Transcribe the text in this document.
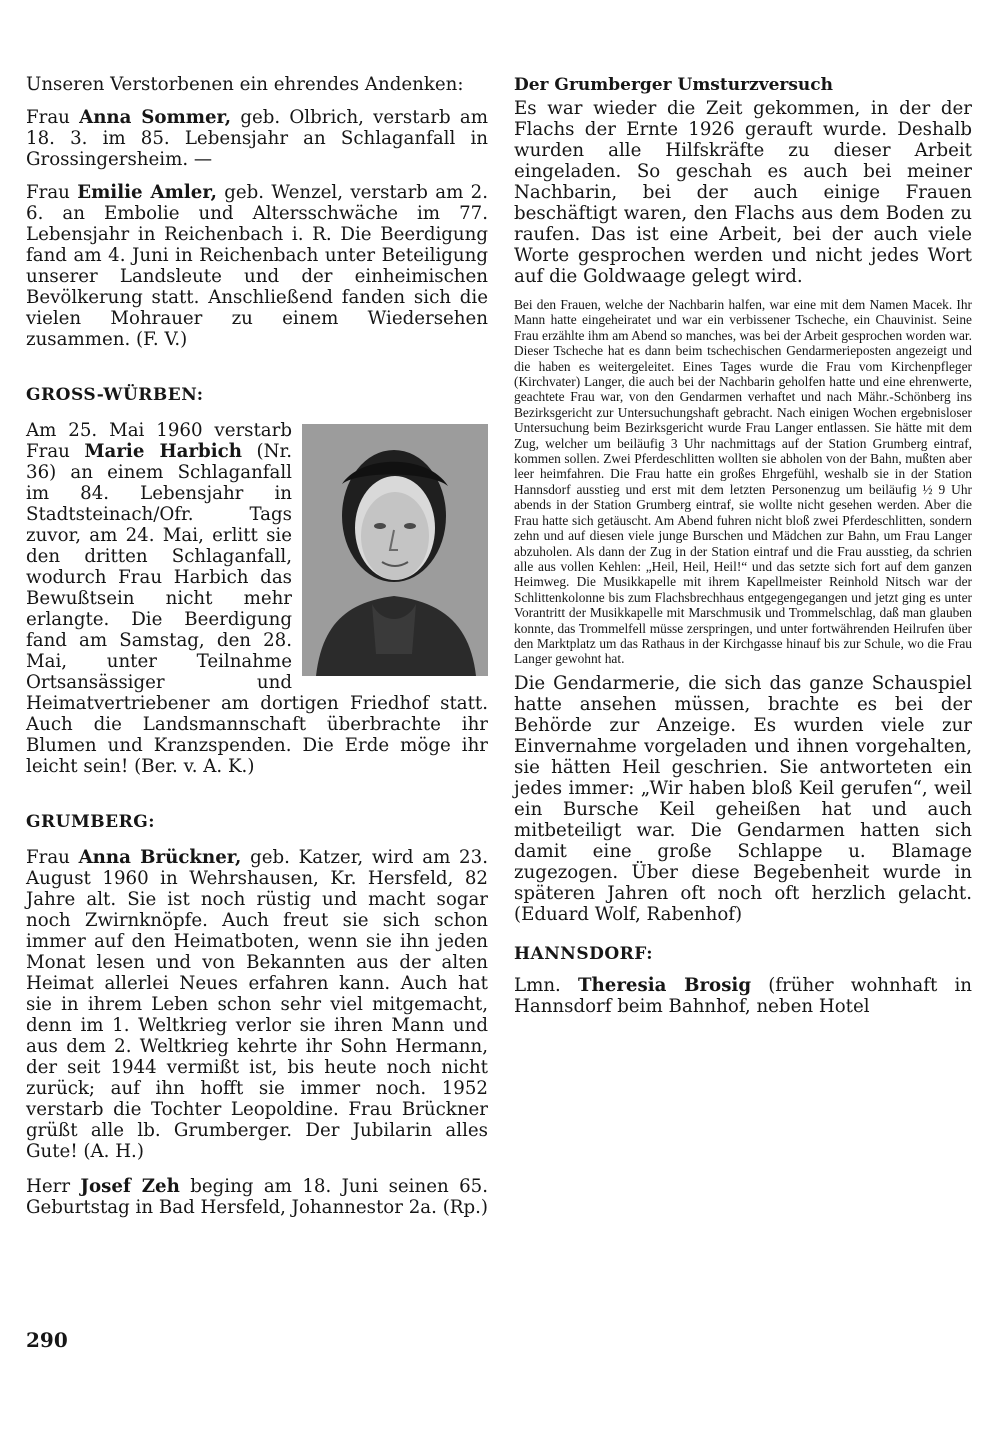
Unseren Verstorbenen ein ehrendes Andenken:

Frau Anna Sommer, geb. Olbrich, verstarb am 18. 3. im 85. Lebensjahr an Schlaganfall in Grossingersheim. —

Frau Emilie Amler, geb. Wenzel, verstarb am 2. 6. an Embolie und Altersschwäche im 77. Lebensjahr in Reichenbach i. R. Die Beerdigung fand am 4. Juni in Reichenbach unter Beteiligung unserer Landsleute und der einheimischen Bevölkerung statt. Anschließend fanden sich die vielen Mohrauer zu einem Wiedersehen zusammen. (F. V.)

GROSS-WÜRBEN:

Am 25. Mai 1960 verstarb Frau Marie Harbich (Nr. 36) an einem Schlaganfall im 84. Lebensjahr in Stadtsteinach/Ofr. Tags zuvor, am 24. Mai, erlitt sie den dritten Schlaganfall, wodurch Frau Harbich das Bewußtsein nicht mehr erlangte. Die Beerdigung fand am Samstag, den 28. Mai, unter Teilnahme Ortsansässiger und Heimatvertriebener am dortigen Friedhof statt. Auch die Landsmannschaft überbrachte ihr Blumen und Kranzspenden. Die Erde möge ihr leicht sein! (Ber. v. A. K.)

GRUMBERG:

Frau Anna Brückner, geb. Katzer, wird am 23. August 1960 in Wehrshausen, Kr. Hersfeld, 82 Jahre alt. Sie ist noch rüstig und macht sogar noch Zwirnknöpfe. Auch freut sie sich schon immer auf den Heimatboten, wenn sie ihn jeden Monat lesen und von Bekannten aus der alten Heimat allerlei Neues erfahren kann. Auch hat sie in ihrem Leben schon sehr viel mitgemacht, denn im 1. Weltkrieg verlor sie ihren Mann und aus dem 2. Weltkrieg kehrte ihr Sohn Hermann, der seit 1944 vermißt ist, bis heute noch nicht zurück; auf ihn hofft sie immer noch. 1952 verstarb die Tochter Leopoldine. Frau Brückner grüßt alle lb. Grumberger. Der Jubilarin alles Gute! (A. H.)

Herr Josef Zeh beging am 18. Juni seinen 65. Geburtstag in Bad Hersfeld, Johannestor 2a. (Rp.)

Der Grumberger Umsturzversuch

Es war wieder die Zeit gekommen, in der der Flachs der Ernte 1926 gerauft wurde. Deshalb wurden alle Hilfskräfte zu dieser Arbeit eingeladen. So geschah es auch bei meiner Nachbarin, bei der auch einige Frauen beschäftigt waren, den Flachs aus dem Boden zu raufen. Das ist eine Arbeit, bei der auch viele Worte gesprochen werden und nicht jedes Wort auf die Goldwaage gelegt wird.

Bei den Frauen, welche der Nachbarin halfen, war eine mit dem Namen Macek. Ihr Mann hatte eingeheiratet und war ein verbissener Tscheche, ein Chauvinist. Seine Frau erzählte ihm am Abend so manches, was bei der Arbeit gesprochen worden war. Dieser Tscheche hat es dann beim tschechischen Gendarmerieposten angezeigt und die haben es weitergeleitet. Eines Tages wurde die Frau vom Kirchenpfleger (Kirchvater) Langer, die auch bei der Nachbarin geholfen hatte und eine ehrenwerte, geachtete Frau war, von den Gendarmen verhaftet und nach Mähr.-Schönberg ins Bezirksgericht zur Untersuchungshaft gebracht. Nach einigen Wochen ergebnisloser Untersuchung beim Bezirksgericht wurde Frau Langer entlassen. Sie hätte mit dem Zug, welcher um beiläufig 3 Uhr nachmittags auf der Station Grumberg eintraf, kommen sollen. Zwei Pferdeschlitten wollten sie abholen von der Bahn, mußten aber leer heimfahren. Die Frau hatte ein großes Ehrgefühl, weshalb sie in der Station Hannsdorf ausstieg und erst mit dem letzten Personenzug um beiläufig ½ 9 Uhr abends in der Station Grumberg eintraf, sie wollte nicht gesehen werden. Aber die Frau hatte sich getäuscht. Am Abend fuhren nicht bloß zwei Pferdeschlitten, sondern zehn und auf diesen viele junge Burschen und Mädchen zur Bahn, um Frau Langer abzuholen. Als dann der Zug in der Station eintraf und die Frau ausstieg, da schrien alle aus vollen Kehlen: „Heil, Heil, Heil!“ und das setzte sich fort auf dem ganzen Heimweg. Die Musikkapelle mit ihrem Kapellmeister Reinhold Nitsch war der Schlittenkolonne bis zum Flachsbrechhaus entgegengegangen und jetzt ging es unter Vorantritt der Musikkapelle mit Marschmusik und Trommelschlag, daß man glauben konnte, das Trommelfell müsse zerspringen, und unter fortwährenden Heilrufen über den Marktplatz um das Rathaus in der Kirchgasse hinauf bis zur Schule, wo die Frau Langer gewohnt hat.

Die Gendarmerie, die sich das ganze Schauspiel hatte ansehen müssen, brachte es bei der Behörde zur Anzeige. Es wurden viele zur Einvernahme vorgeladen und ihnen vorgehalten, sie hätten Heil geschrien. Sie antworteten ein jedes immer: „Wir haben bloß Keil gerufen“, weil ein Bursche Keil geheißen hat und auch mitbeteiligt war. Die Gendarmen hatten sich damit eine große Schlappe u. Blamage zugezogen. Über diese Begebenheit wurde in späteren Jahren oft noch oft herzlich gelacht. (Eduard Wolf, Rabenhof)

HANNSDORF:

Lmn. Theresia Brosig (früher wohnhaft in Hannsdorf beim Bahnhof, neben Hotel

290
